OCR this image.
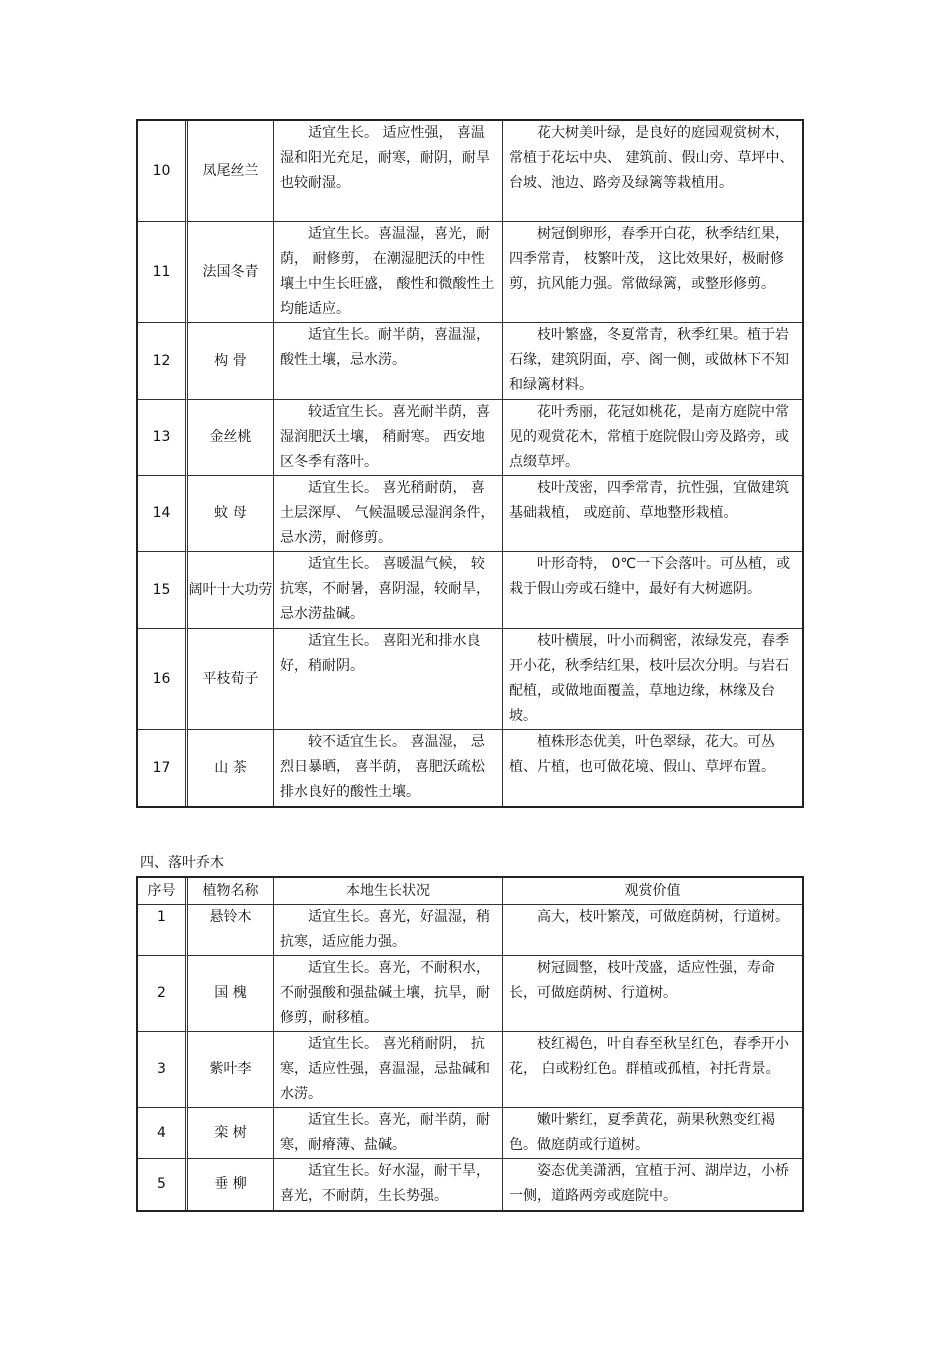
10	凤尾丝兰	适宜生长。 适应性强， 喜温湿和阳光充足，耐寒，耐阴，耐旱也较耐湿。	花大树美叶绿，是良好的庭园观赏树木，常植于花坛中央、 建筑前、假山旁、草坪中、台坡、池边、路旁及绿篱等栽植用。
11	法国冬青	适宜生长。喜温湿，喜光，耐荫， 耐修剪， 在潮湿肥沃的中性壤土中生长旺盛， 酸性和微酸性土均能适应。	树冠倒卵形，春季开白花，秋季结红果，四季常青， 枝繁叶茂， 这比效果好，极耐修剪，抗风能力强。常做绿篱，或整形修剪。
12	构 骨	适宜生长。耐半荫，喜温湿，酸性土壤，忌水涝。	枝叶繁盛，冬夏常青，秋季红果。植于岩石缘，建筑阴面，亭、阁一侧，或做林下不知和绿篱材料。
13	金丝桃	较适宜生长。喜光耐半荫，喜湿润肥沃土壤， 稍耐寒。 西安地区冬季有落叶。	花叶秀丽，花冠如桃花，是南方庭院中常见的观赏花木，常植于庭院假山旁及路旁，或点缀草坪。
14	蚊 母	适宜生长。 喜光稍耐荫， 喜土层深厚、 气候温暖忌湿润条件，忌水涝，耐修剪。	枝叶茂密，四季常青，抗性强，宜做建筑基础栽植， 或庭前、草地整形栽植。
15	阔叶十大功劳	适宜生长。 喜暖温气候， 较抗寒，不耐暑，喜阴湿，较耐旱，忌水涝盐碱。	叶形奇特， 0℃一下会落叶。可丛植，或栽于假山旁或石缝中，最好有大树遮阴。
16	平枝荀子	适宜生长。 喜阳光和排水良好，稍耐阴。	枝叶横展，叶小而稠密，浓绿发亮，春季开小花，秋季结红果，枝叶层次分明。与岩石配植，或做地面覆盖，草地边缘，林缘及台坡。
17	山 茶	较不适宜生长。 喜温湿， 忌烈日暴晒， 喜半荫， 喜肥沃疏松排水良好的酸性土壤。	植株形态优美，叶色翠绿，花大。可丛植、片植，也可做花境、假山、草坪布置。
四、落叶乔木
序号	植物名称	本地生长状况	观赏价值
1	悬铃木	适宜生长。喜光，好温湿，稍抗寒，适应能力强。	高大，枝叶繁茂，可做庭荫树，行道树。
2	国 槐	适宜生长。喜光，不耐积水，不耐强酸和强盐碱土壤，抗旱，耐修剪，耐移植。	树冠圆整，枝叶茂盛，适应性强，寿命长，可做庭荫树、行道树。
3	紫叶李	适宜生长。 喜光稍耐阴， 抗寒，适应性强，喜温湿，忌盐碱和水涝。	枝红褐色，叶自春至秋呈红色，春季开小花， 白或粉红色。群植或孤植，衬托背景。
4	栾 树	适宜生长。喜光，耐半荫，耐寒，耐瘠薄、盐碱。	嫩叶紫红，夏季黄花，蒴果秋熟变红褐色。做庭荫或行道树。
5	垂 柳	适宜生长。好水湿，耐干旱，喜光，不耐荫，生长势强。	姿态优美潇洒，宜植于河、湖岸边，小桥一侧，道路两旁或庭院中。
